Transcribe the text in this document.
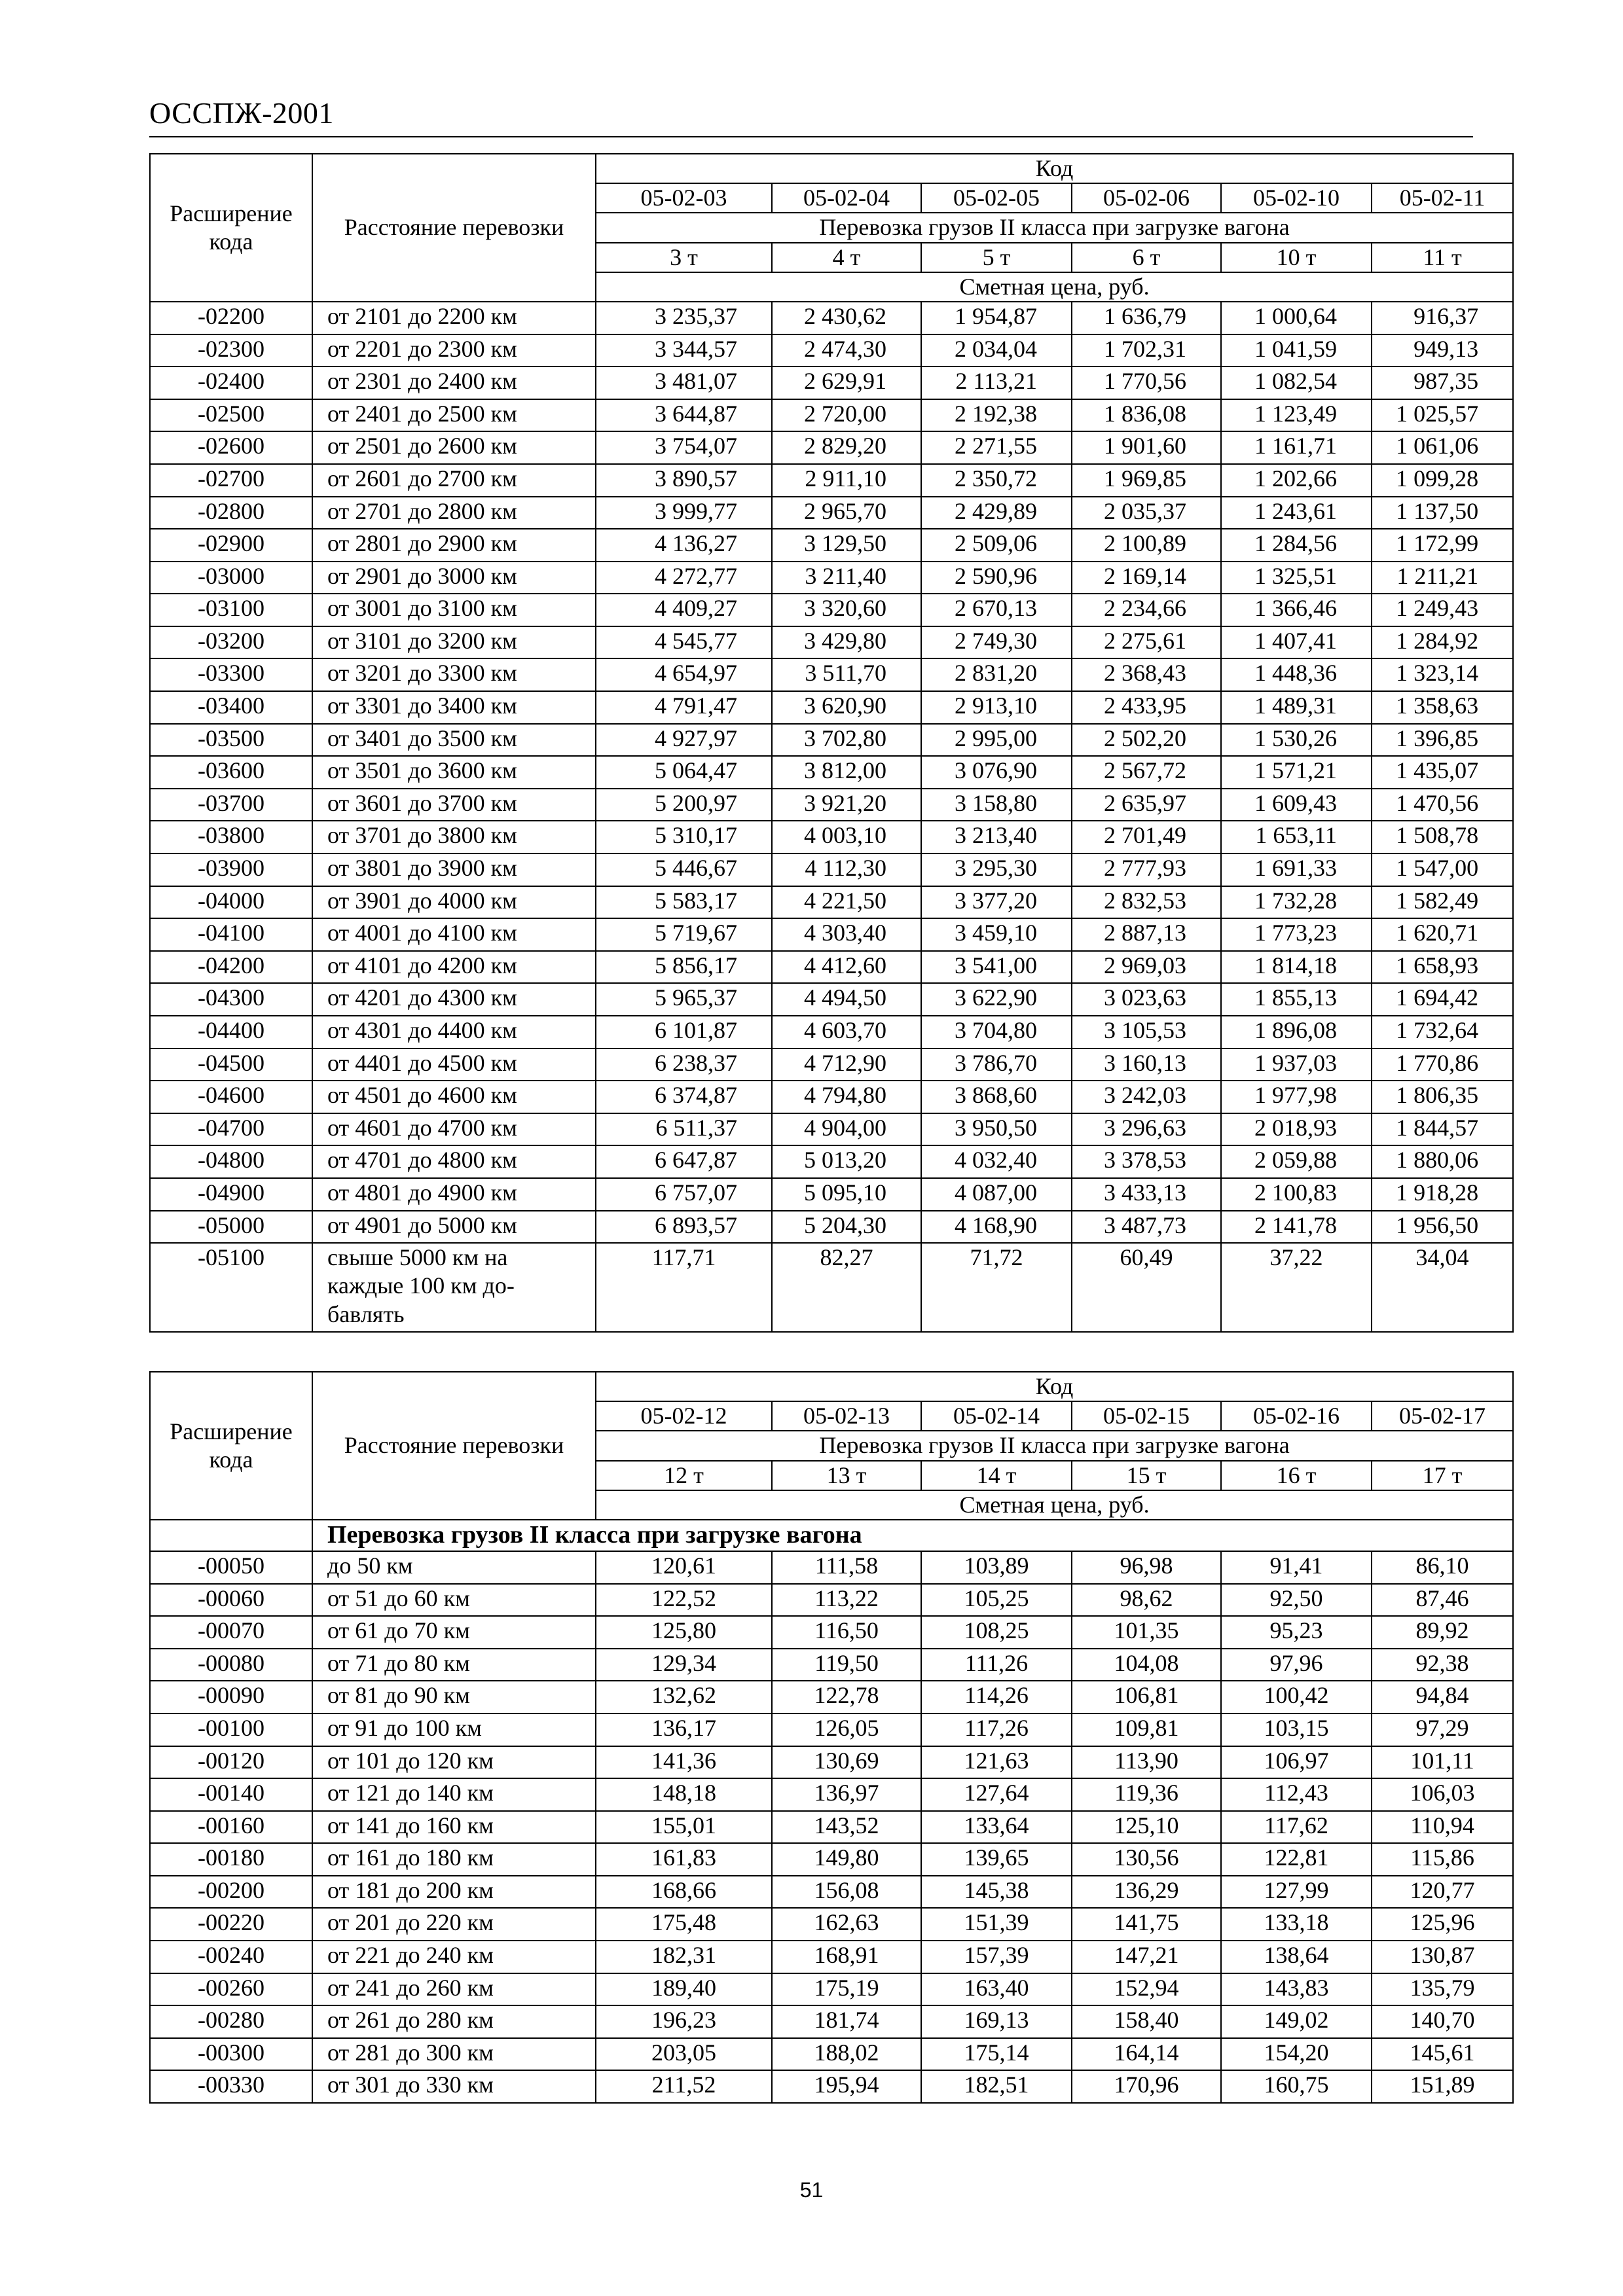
ОССПЖ-2001
Расширение кода	Расстояние перевозки	Код					
		05-02-03	05-02-04	05-02-05	05-02-06	05-02-10	05-02-11
		Перевозка грузов II класса при загрузке вагона					
		3 т	4 т	5 т	6 т	10 т	11 т
		Сметная цена, руб.					
-02200	от 2101 до 2200 км	3 235,37	2 430,62	1 954,87	1 636,79	1 000,64	916,37
-02300	от 2201 до 2300 км	3 344,57	2 474,30	2 034,04	1 702,31	1 041,59	949,13
-02400	от 2301 до 2400 км	3 481,07	2 629,91	2 113,21	1 770,56	1 082,54	987,35
-02500	от 2401 до 2500 км	3 644,87	2 720,00	2 192,38	1 836,08	1 123,49	1 025,57
-02600	от 2501 до 2600 км	3 754,07	2 829,20	2 271,55	1 901,60	1 161,71	1 061,06
-02700	от 2601 до 2700 км	3 890,57	2 911,10	2 350,72	1 969,85	1 202,66	1 099,28
-02800	от 2701 до 2800 км	3 999,77	2 965,70	2 429,89	2 035,37	1 243,61	1 137,50
-02900	от 2801 до 2900 км	4 136,27	3 129,50	2 509,06	2 100,89	1 284,56	1 172,99
-03000	от 2901 до 3000 км	4 272,77	3 211,40	2 590,96	2 169,14	1 325,51	1 211,21
-03100	от 3001 до 3100 км	4 409,27	3 320,60	2 670,13	2 234,66	1 366,46	1 249,43
-03200	от 3101 до 3200 км	4 545,77	3 429,80	2 749,30	2 275,61	1 407,41	1 284,92
-03300	от 3201 до 3300 км	4 654,97	3 511,70	2 831,20	2 368,43	1 448,36	1 323,14
-03400	от 3301 до 3400 км	4 791,47	3 620,90	2 913,10	2 433,95	1 489,31	1 358,63
-03500	от 3401 до 3500 км	4 927,97	3 702,80	2 995,00	2 502,20	1 530,26	1 396,85
-03600	от 3501 до 3600 км	5 064,47	3 812,00	3 076,90	2 567,72	1 571,21	1 435,07
-03700	от 3601 до 3700 км	5 200,97	3 921,20	3 158,80	2 635,97	1 609,43	1 470,56
-03800	от 3701 до 3800 км	5 310,17	4 003,10	3 213,40	2 701,49	1 653,11	1 508,78
-03900	от 3801 до 3900 км	5 446,67	4 112,30	3 295,30	2 777,93	1 691,33	1 547,00
-04000	от 3901 до 4000 км	5 583,17	4 221,50	3 377,20	2 832,53	1 732,28	1 582,49
-04100	от 4001 до 4100 км	5 719,67	4 303,40	3 459,10	2 887,13	1 773,23	1 620,71
-04200	от 4101 до 4200 км	5 856,17	4 412,60	3 541,00	2 969,03	1 814,18	1 658,93
-04300	от 4201 до 4300 км	5 965,37	4 494,50	3 622,90	3 023,63	1 855,13	1 694,42
-04400	от 4301 до 4400 км	6 101,87	4 603,70	3 704,80	3 105,53	1 896,08	1 732,64
-04500	от 4401 до 4500 км	6 238,37	4 712,90	3 786,70	3 160,13	1 937,03	1 770,86
-04600	от 4501 до 4600 км	6 374,87	4 794,80	3 868,60	3 242,03	1 977,98	1 806,35
-04700	от 4601 до 4700 км	6 511,37	4 904,00	3 950,50	3 296,63	2 018,93	1 844,57
-04800	от 4701 до 4800 км	6 647,87	5 013,20	4 032,40	3 378,53	2 059,88	1 880,06
-04900	от 4801 до 4900 км	6 757,07	5 095,10	4 087,00	3 433,13	2 100,83	1 918,28
-05000	от 4901 до 5000 км	6 893,57	5 204,30	4 168,90	3 487,73	2 141,78	1 956,50
-05100	свыше 5000 км на каждые 100 км до-бавлять	117,71	82,27	71,72	60,49	37,22	34,04
Расширение кода	Расстояние перевозки	Код					
		05-02-12	05-02-13	05-02-14	05-02-15	05-02-16	05-02-17
		Перевозка грузов II класса при загрузке вагона					
		12 т	13 т	14 т	15 т	16 т	17 т
		Сметная цена, руб.					
	Перевозка грузов II класса при загрузке вагона						
-00050	до 50 км	120,61	111,58	103,89	96,98	91,41	86,10
-00060	от 51 до 60 км	122,52	113,22	105,25	98,62	92,50	87,46
-00070	от 61 до 70 км	125,80	116,50	108,25	101,35	95,23	89,92
-00080	от 71 до 80 км	129,34	119,50	111,26	104,08	97,96	92,38
-00090	от 81 до 90 км	132,62	122,78	114,26	106,81	100,42	94,84
-00100	от 91 до 100 км	136,17	126,05	117,26	109,81	103,15	97,29
-00120	от 101 до 120 км	141,36	130,69	121,63	113,90	106,97	101,11
-00140	от 121 до 140 км	148,18	136,97	127,64	119,36	112,43	106,03
-00160	от 141 до 160 км	155,01	143,52	133,64	125,10	117,62	110,94
-00180	от 161 до 180 км	161,83	149,80	139,65	130,56	122,81	115,86
-00200	от 181 до 200 км	168,66	156,08	145,38	136,29	127,99	120,77
-00220	от 201 до 220 км	175,48	162,63	151,39	141,75	133,18	125,96
-00240	от 221 до 240 км	182,31	168,91	157,39	147,21	138,64	130,87
-00260	от 241 до 260 км	189,40	175,19	163,40	152,94	143,83	135,79
-00280	от 261 до 280 км	196,23	181,74	169,13	158,40	149,02	140,70
-00300	от 281 до 300 км	203,05	188,02	175,14	164,14	154,20	145,61
-00330	от 301 до 330 км	211,52	195,94	182,51	170,96	160,75	151,89
51
